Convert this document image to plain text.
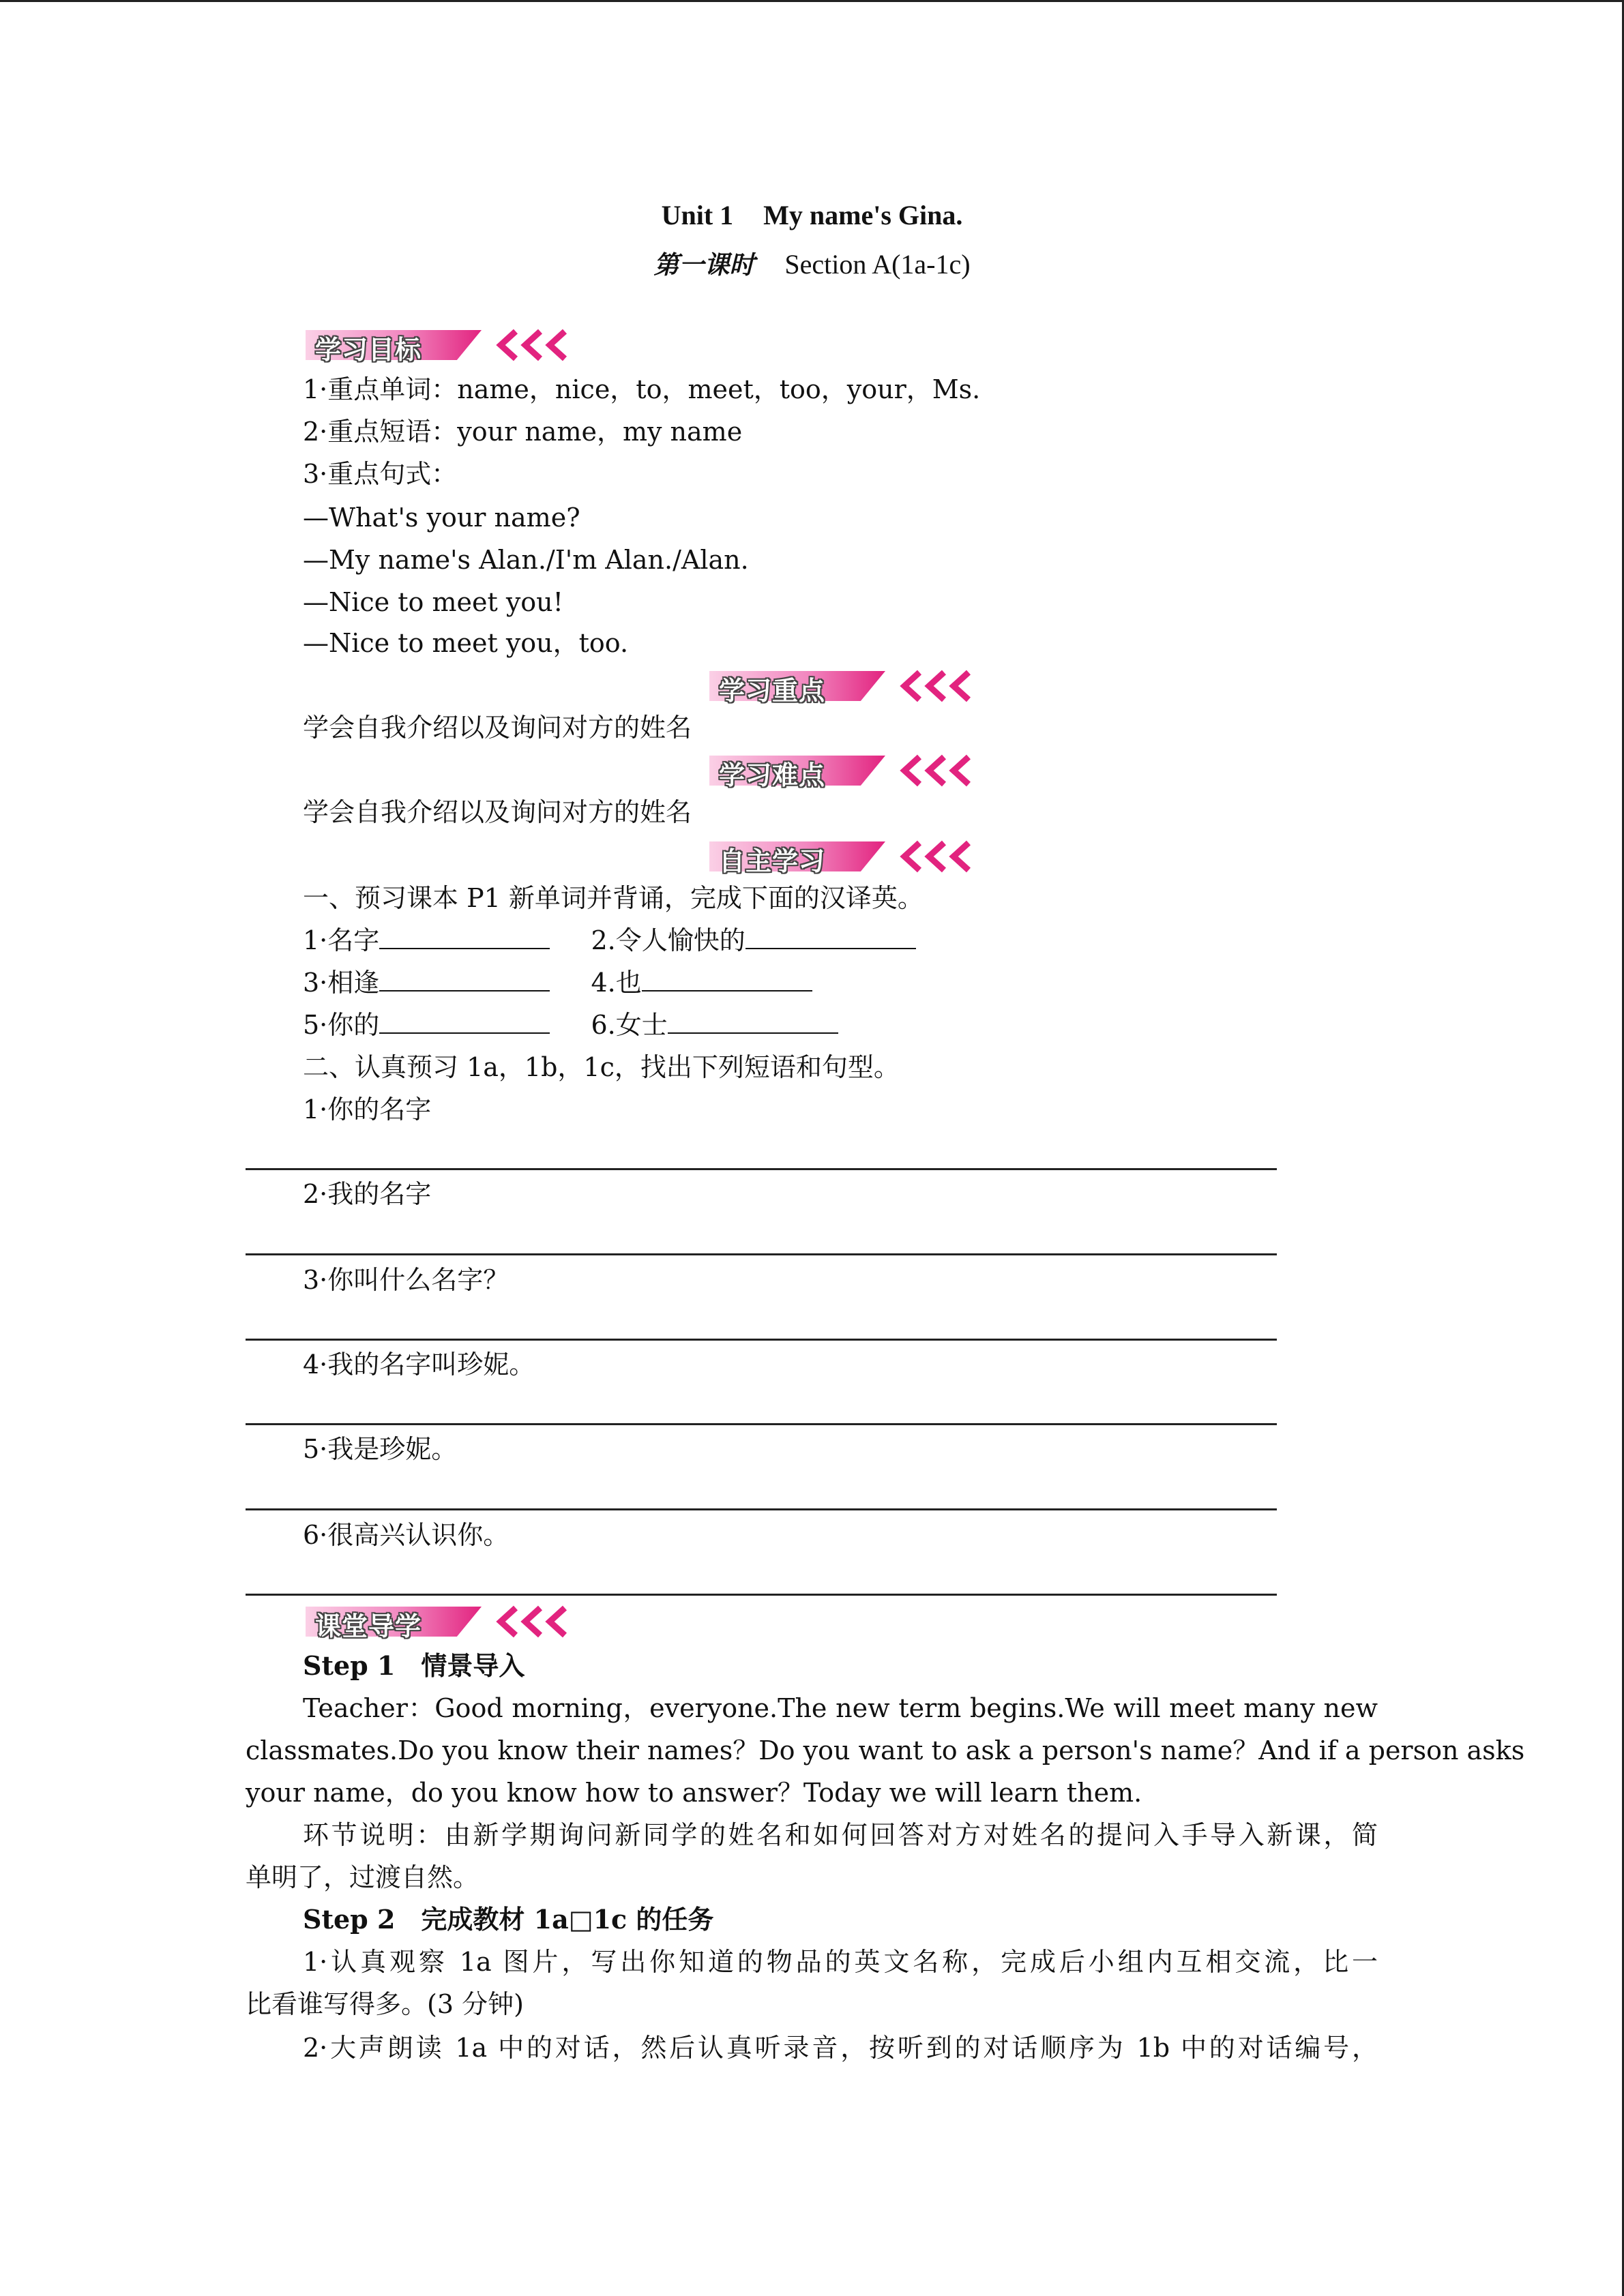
Unit 1 My name's Gina.
第一课时 Section A(1a-1c)
学习目标
1·重点单词：name，nice，to，meet，too，your，Ms.
2·重点短语：your name，my name
3·重点句式：
—What's your name?
—My name's Alan./I'm Alan./Alan.
—Nice to meet you!
—Nice to meet you，too.
学习重点
学会自我介绍以及询问对方的姓名
学习难点
学会自我介绍以及询问对方的姓名
自主学习
一、预习课本 P1 新单词并背诵，完成下面的汉译英。
1·名字	2.令人愉快的
3·相逢	4.也
5·你的	6.女士
二、认真预习 1a，1b，1c，找出下列短语和句型。
1·你的名字
2·我的名字
3·你叫什么名字？
4·我的名字叫珍妮。
5·我是珍妮。
6·很高兴认识你。
课堂导学
Step 1 情景导入
Teacher：Good morning，everyone.The new term begins.We will meet many new
classmates.Do you know their names？Do you want to ask a person's name？And if a person asks
your name，do you know how to answer？Today we will learn them.
环节说明：由新学期询问新同学的姓名和如何回答对方对姓名的提问入手导入新课，简
单明了，过渡自然。
Step 2 完成教材 1a□1c 的任务
1·认真观察 1a 图片，写出你知道的物品的英文名称，完成后小组内互相交流，比一
比看谁写得多。(3 分钟)
2·大声朗读 1a 中的对话，然后认真听录音，按听到的对话顺序为 1b 中的对话编号，
